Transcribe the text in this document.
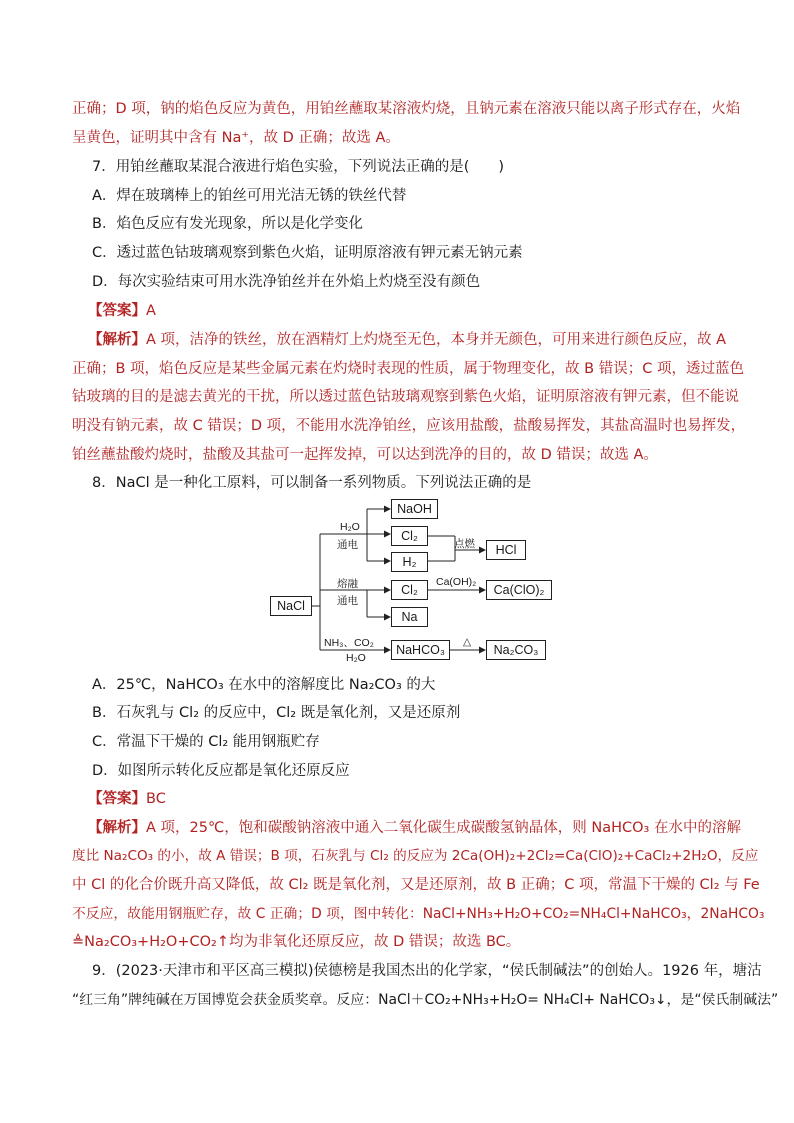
正确；D 项，钠的焰色反应为黄色，用铂丝蘸取某溶液灼烧，且钠元素在溶液只能以离子形式存在，火焰
呈黄色，证明其中含有 Na⁺，故 D 正确；故选 A。
7．用铂丝蘸取某混合液进行焰色实验，下列说法正确的是(　　)
A．焊在玻璃棒上的铂丝可用光洁无锈的铁丝代替
B．焰色反应有发光现象，所以是化学变化
C．透过蓝色钴玻璃观察到紫色火焰，证明原溶液有钾元素无钠元素
D．每次实验结束可用水洗净铂丝并在外焰上灼烧至没有颜色
【答案】A
【解析】A 项，洁净的铁丝，放在酒精灯上灼烧至无色，本身并无颜色，可用来进行颜色反应，故 A
正确；B 项，焰色反应是某些金属元素在灼烧时表现的性质，属于物理变化，故 B 错误；C 项，透过蓝色
钴玻璃的目的是滤去黄光的干扰，所以透过蓝色钴玻璃观察到紫色火焰，证明原溶液有钾元素，但不能说
明没有钠元素，故 C 错误；D 项，不能用水洗净铂丝，应该用盐酸，盐酸易挥发，其盐高温时也易挥发，
铂丝蘸盐酸灼烧时，盐酸及其盐可一起挥发掉，可以达到洗净的目的，故 D 错误；故选 A。
8．NaCl 是一种化工原料，可以制备一系列物质。下列说法正确的是
NaCl
NaOH
Cl₂
H₂
HCl
Cl₂	Ca(ClO)₂
Na
NaHCO₃	Na₂CO₃
H₂O
通电	点燃
熔融
通电
Ca(OH)₂
NH₃、CO₂
H₂O
△
A．25℃，NaHCO₃ 在水中的溶解度比 Na₂CO₃ 的大
B．石灰乳与 Cl₂ 的反应中，Cl₂ 既是氧化剂，又是还原剂
C．常温下干燥的 Cl₂ 能用钢瓶贮存
D．如图所示转化反应都是氧化还原反应
【答案】BC
【解析】A 项，25℃，饱和碳酸钠溶液中通入二氧化碳生成碳酸氢钠晶体，则 NaHCO₃ 在水中的溶解
度比 Na₂CO₃ 的小，故 A 错误；B 项，石灰乳与 Cl₂ 的反应为 2Ca(OH)₂+2Cl₂=Ca(ClO)₂+CaCl₂+2H₂O，反应
中 Cl 的化合价既升高又降低，故 Cl₂ 既是氧化剂，又是还原剂，故 B 正确；C 项，常温下干燥的 Cl₂ 与 Fe
不反应，故能用钢瓶贮存，故 C 正确；D 项，图中转化：NaCl+NH₃+H₂O+CO₂=NH₄Cl+NaHCO₃，2NaHCO₃
≜Na₂CO₃+H₂O+CO₂↑均为非氧化还原反应，故 D 错误；故选 BC。
9．(2023·天津市和平区高三模拟)侯德榜是我国杰出的化学家，“侯氏制碱法”的创始人。1926 年，塘沽
“红三角”牌纯碱在万国博览会获金质奖章。反应：NaCl＋CO₂+NH₃+H₂O= NH₄Cl+ NaHCO₃↓，是“侯氏制碱法”
